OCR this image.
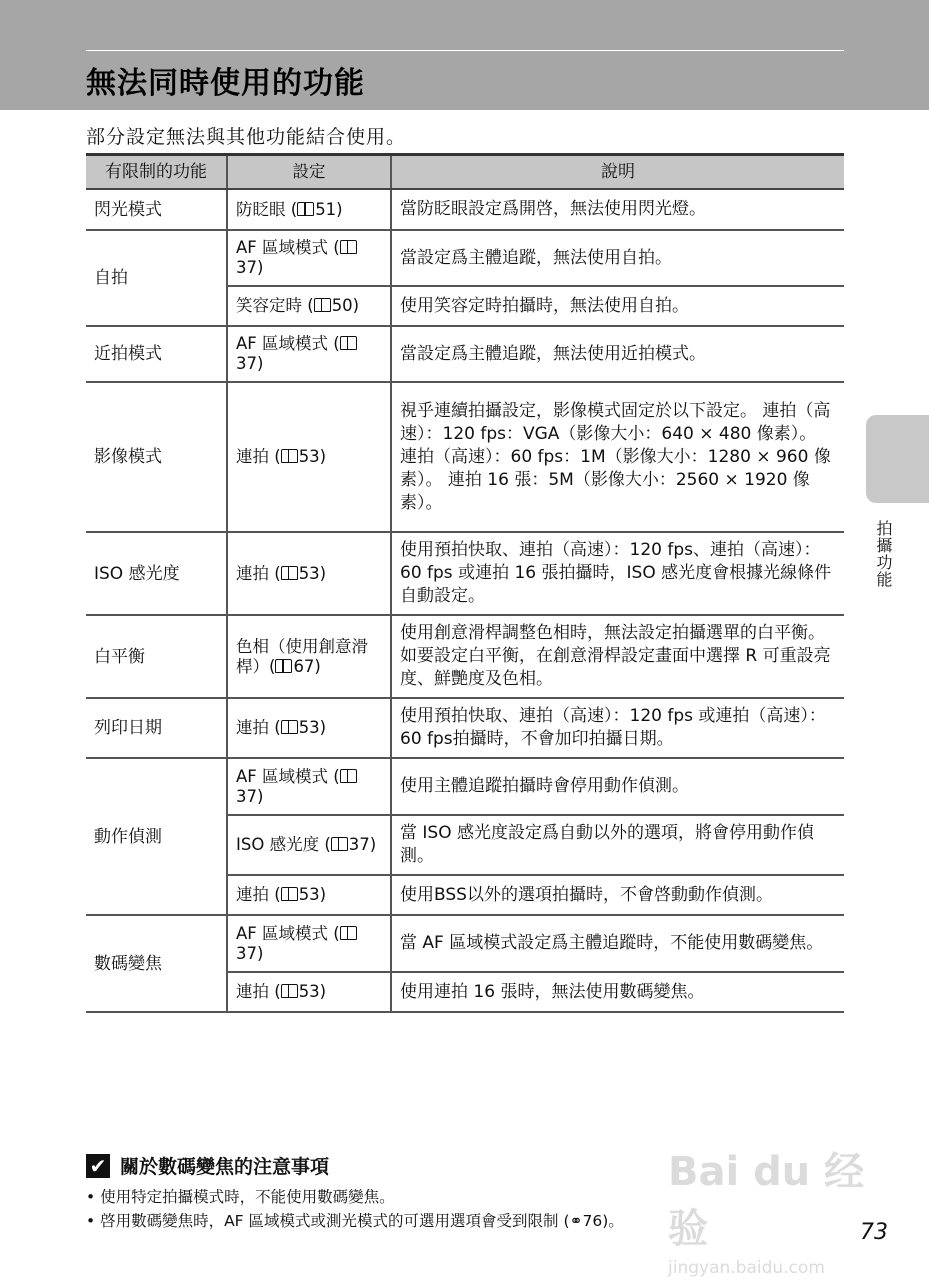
無法同時使用的功能
部分設定無法與其他功能結合使用。
有限制的功能	設定	說明
閃光模式	防眨眼 ( 51)	當防眨眼設定爲開啓，無法使用閃光燈。
自拍	AF 區域模式 (37)	當設定爲主體追蹤，無法使用自拍。
	笑容定時 ( 50)	使用笑容定時拍攝時，無法使用自拍。
近拍模式	AF 區域模式 (37)	當設定爲主體追蹤，無法使用近拍模式。
影像模式	連拍 ( 53)	視乎連續拍攝設定，影像模式固定於以下設定。 連拍（高速）：120 fps：VGA（影像大小：640 × 480 像素）。 連拍（高速）：60 fps：1M（影像大小：1280 × 960 像素）。 連拍 16 張：5M（影像大小：2560 × 1920 像素）。
ISO 感光度	連拍 ( 53)	使用預拍快取、連拍（高速）：120 fps、連拍（高速）：60 fps 或連拍 16 張拍攝時，ISO 感光度會根據光線條件自動設定。
白平衡	色相（使用創意滑桿）( 67)	使用創意滑桿調整色相時，無法設定拍攝選單的白平衡。如要設定白平衡，在創意滑桿設定畫面中選擇 R 可重設亮度、鮮艷度及色相。
列印日期	連拍 ( 53)	使用預拍快取、連拍（高速）：120 fps 或連拍（高速）：60 fps拍攝時，不會加印拍攝日期。
動作偵測	AF 區域模式 (37)	使用主體追蹤拍攝時會停用動作偵測。
	ISO 感光度 ( 37)	當 ISO 感光度設定爲自動以外的選項，將會停用動作偵測。
	連拍 ( 53)	使用BSS以外的選項拍攝時，不會啓動動作偵測。
數碼變焦	AF 區域模式 (37)	當 AF 區域模式設定爲主體追蹤時，不能使用數碼變焦。
	連拍 ( 53)	使用連拍 16 張時，無法使用數碼變焦。
拍攝功能
✔ 關於數碼變焦的注意事項
• 使用特定拍攝模式時，不能使用數碼變焦。
• 啓用數碼變焦時，AF 區域模式或測光模式的可選用選項會受到限制 (⚭76)。
Bai du 经验
jingyan.baidu.com
73
